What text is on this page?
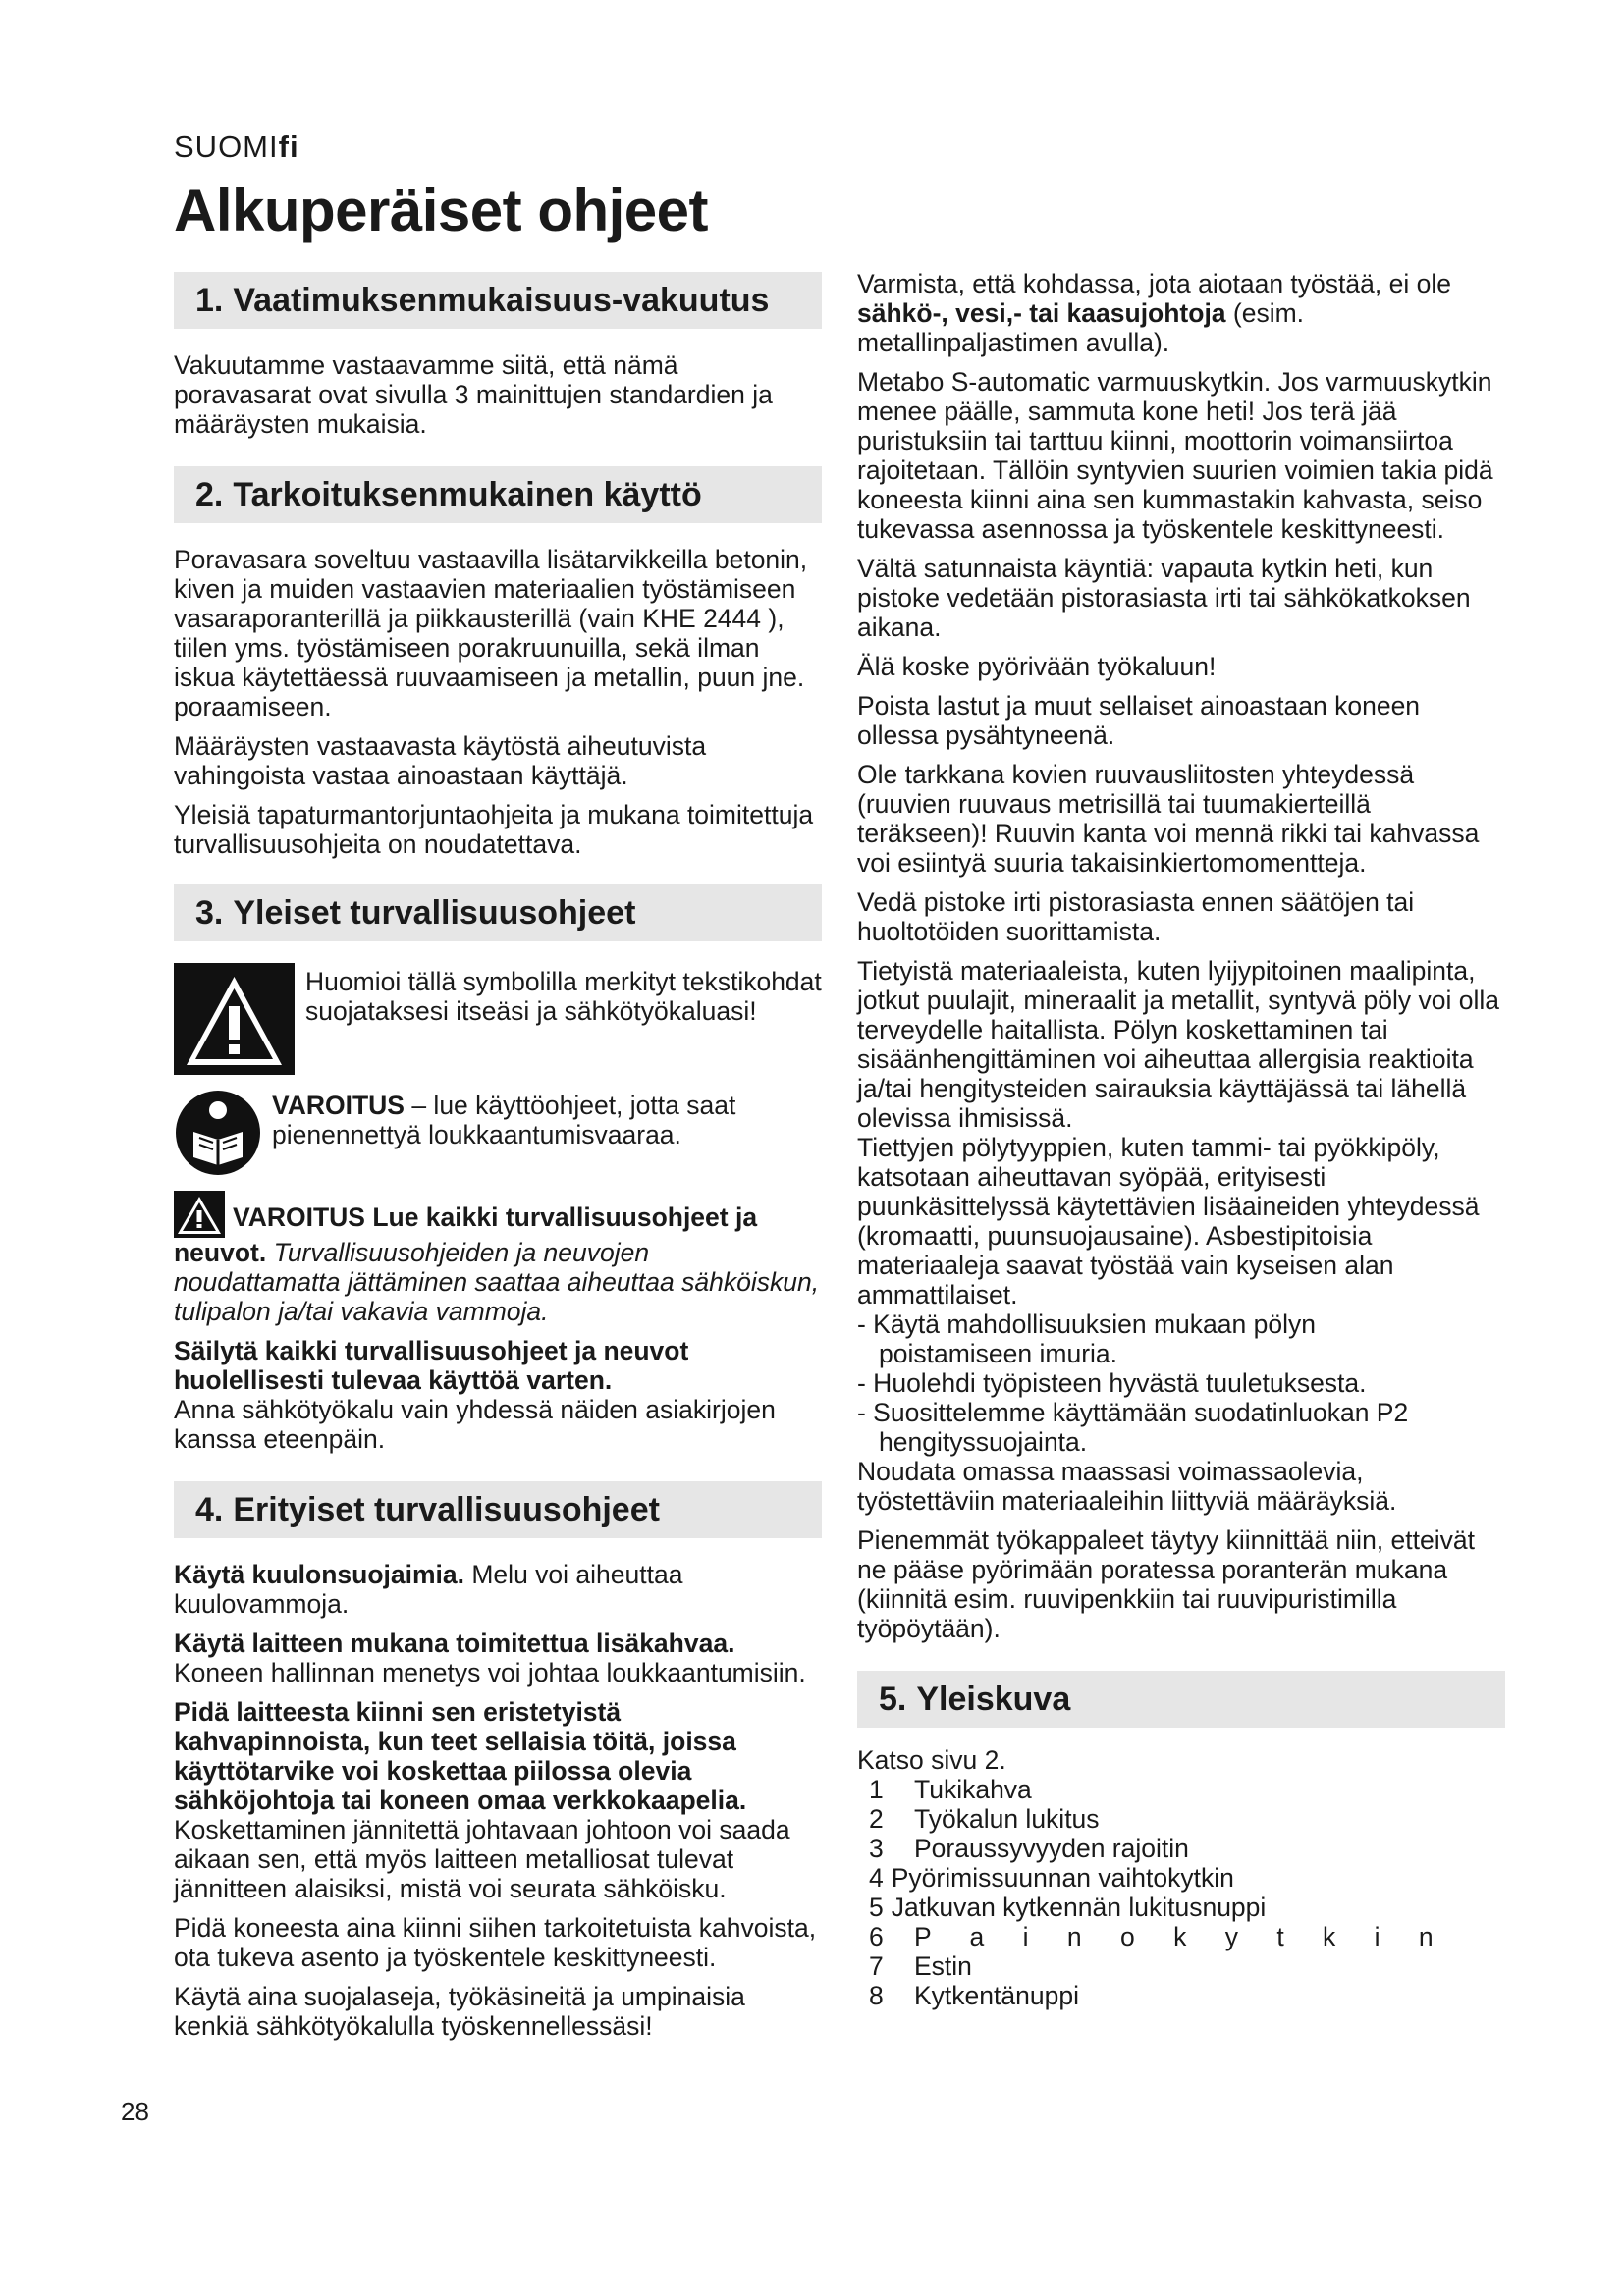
SUOMIfi
Alkuperäiset ohjeet
1. Vaatimuksenmukaisuus-vakuutus

Vakuutamme vastaavamme siitä, että nämä poravasarat ovat sivulla 3 mainittujen standardien ja määräysten mukaisia.

2. Tarkoituksenmukainen käyttö

Poravasara soveltuu vastaavilla lisätarvikkeilla betonin, kiven ja muiden vastaavien materiaalien työstämiseen vasaraporanterillä ja piikkausterillä (vain KHE 2444 ), tiilen yms. työstämiseen porakruunuilla, sekä ilman iskua käytettäessä ruuvaamiseen ja metallin, puun jne. poraamiseen.

Määräysten vastaavasta käytöstä aiheutuvista vahingoista vastaa ainoastaan käyttäjä.

Yleisiä tapaturmantorjuntaohjeita ja mukana toimitettuja turvallisuusohjeita on noudatettava.

3. Yleiset turvallisuusohjeet
Huomioi tällä symbolilla merkityt tekstikohdat suojataksesi itseäsi ja sähkötyökaluasi!
VAROITUS – lue käyttöohjeet, jotta saat pienennettyä loukkaantumisvaaraa.

VAROITUS Lue kaikki turvallisuusohjeet ja neuvot. Turvallisuusohjeiden ja neuvojen noudattamatta jättäminen saattaa aiheuttaa sähköiskun, tulipalon ja/tai vakavia vammoja.

Säilytä kaikki turvallisuusohjeet ja neuvot huolellisesti tulevaa käyttöä varten.

Anna sähkötyökalu vain yhdessä näiden asiakirjojen kanssa eteenpäin.

4. Erityiset turvallisuusohjeet

Käytä kuulonsuojaimia. Melu voi aiheuttaa kuulovammoja.

Käytä laitteen mukana toimitettua lisäkahvaa. Koneen hallinnan menetys voi johtaa loukkaantumisiin.

Pidä laitteesta kiinni sen eristetyistä kahvapinnoista, kun teet sellaisia töitä, joissa käyttötarvike voi koskettaa piilossa olevia sähköjohtoja tai koneen omaa verkkokaapelia. Koskettaminen jännitettä johtavaan johtoon voi saada aikaan sen, että myös laitteen metalliosat tulevat jännitteen alaisiksi, mistä voi seurata sähköisku.

Pidä koneesta aina kiinni siihen tarkoitetuista kahvoista, ota tukeva asento ja työskentele keskittyneesti.

Käytä aina suojalaseja, työkäsineitä ja umpinaisia kenkiä sähkötyökalulla työskennellessäsi!

Varmista, että kohdassa, jota aiotaan työstää, ei ole sähkö-, vesi,- tai kaasujohtoja (esim. metallinpaljastimen avulla).

Metabo S-automatic varmuuskytkin. Jos varmuuskytkin menee päälle, sammuta kone heti! Jos terä jää puristuksiin tai tarttuu kiinni, moottorin voimansiirtoa rajoitetaan. Tällöin syntyvien suurien voimien takia pidä koneesta kiinni aina sen kummastakin kahvasta, seiso tukevassa asennossa ja työskentele keskittyneesti.

Vältä satunnaista käyntiä: vapauta kytkin heti, kun pistoke vedetään pistorasiasta irti tai sähkökatkoksen aikana.

Älä koske pyörivään työkaluun!

Poista lastut ja muut sellaiset ainoastaan koneen ollessa pysähtyneenä.

Ole tarkkana kovien ruuvausliitosten yhteydessä (ruuvien ruuvaus metrisillä tai tuumakierteillä teräkseen)! Ruuvin kanta voi mennä rikki tai kahvassa voi esiintyä suuria takaisinkiertomomentteja.

Vedä pistoke irti pistorasiasta ennen säätöjen tai huoltotöiden suorittamista.

Tietyistä materiaaleista, kuten lyijypitoinen maalipinta, jotkut puulajit, mineraalit ja metallit, syntyvä pöly voi olla terveydelle haitallista. Pölyn koskettaminen tai sisäänhengittäminen voi aiheuttaa allergisia reaktioita ja/tai hengitysteiden sairauksia käyttäjässä tai lähellä olevissa ihmisissä.

Tiettyjen pölytyyppien, kuten tammi- tai pyökkipöly, katsotaan aiheuttavan syöpää, erityisesti puunkäsittelyssä käytettävien lisäaineiden yhteydessä (kromaatti, puunsuojausaine). Asbestipitoisia materiaaleja saavat työstää vain kyseisen alan ammattilaiset.

- Käytä mahdollisuuksien mukaan pölyn
poistamiseen imuria.
- Huolehdi työpisteen hyvästä tuuletuksesta.
- Suosittelemme käyttämään suodatinluokan P2
hengityssuojainta.

Noudata omassa maassasi voimassaolevia, työstettäviin materiaaleihin liittyviä määräyksiä.

Pienemmät työkappaleet täytyy kiinnittää niin, etteivät ne pääse pyörimään poratessa poranterän mukana (kiinnitä esim. ruuvipenkkiin tai ruuvipuristimilla työpöytään).

5. Yleiskuva
Katso sivu 2.
1	Tukikahva
2	Työkalun lukitus
3	Poraussyvyyden rajoitin
4 Pyörimissuunnan vaihtokytkin
5 Jatkuvan kytkennän lukitusnuppi
6	P a i n o k y t k i n
7	Estin
8	Kytkentänuppi
28
